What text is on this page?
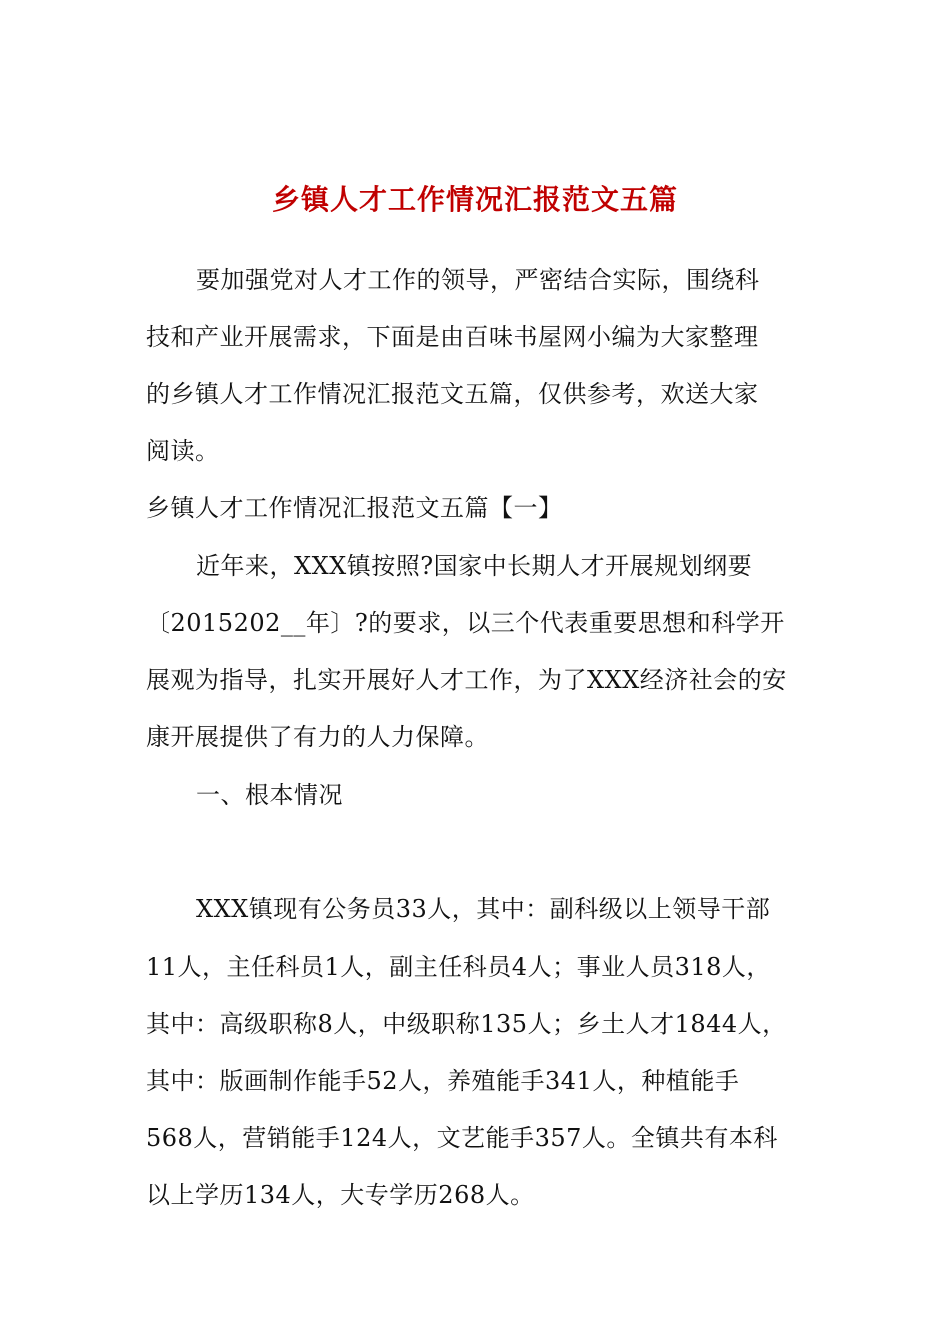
乡镇人才工作情况汇报范文五篇
要加强党对人才工作的领导，严密结合实际，围绕科
技和产业开展需求，下面是由百味书屋网小编为大家整理
的乡镇人才工作情况汇报范文五篇，仅供参考，欢送大家
阅读。
乡镇人才工作情况汇报范文五篇【一】
近年来，XXX镇按照?国家中长期人才开展规划纲要
〔2015202__年〕?的要求，以三个代表重要思想和科学开
展观为指导，扎实开展好人才工作，为了XXX经济社会的安
康开展提供了有力的人力保障。
一、根本情况
XXX镇现有公务员33人，其中：副科级以上领导干部
11人，主任科员1人，副主任科员4人；事业人员318人，
其中：高级职称8人，中级职称135人；乡土人才1844人，
其中：版画制作能手52人，养殖能手341人，种植能手
568人，营销能手124人，文艺能手357人。全镇共有本科
以上学历134人，大专学历268人。
